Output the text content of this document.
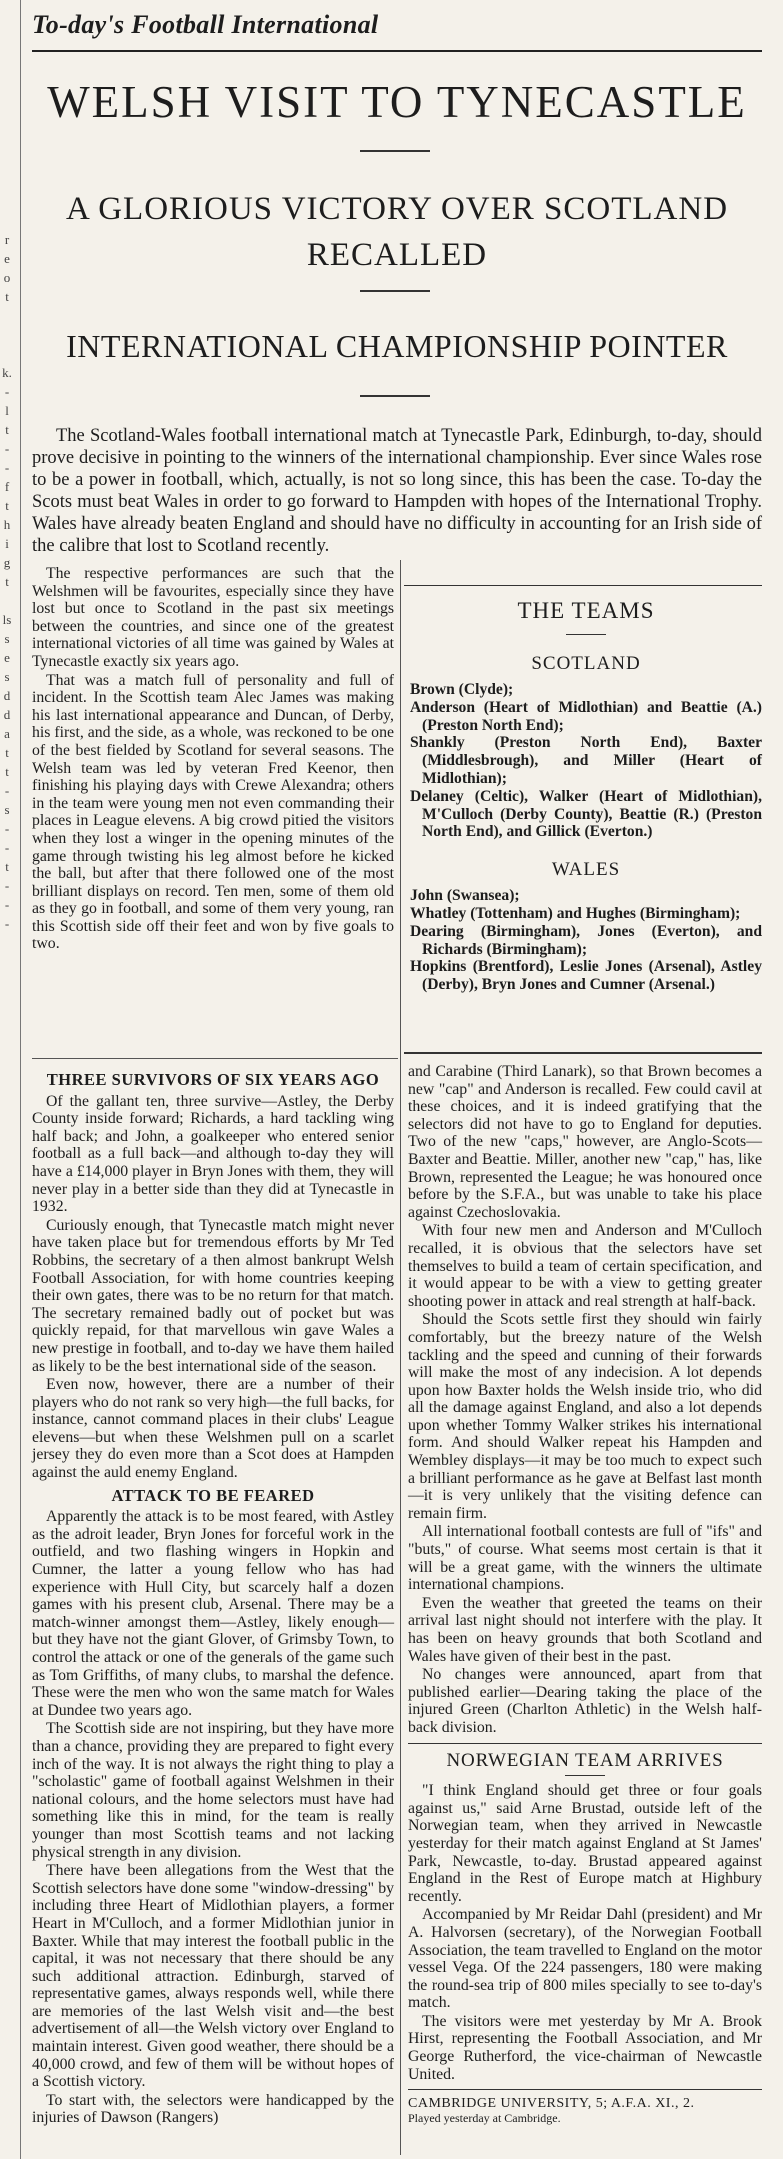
r
e
o
t

k.
-
l
t
-
-
f
t
h
i
g
t

ls
s
e
s
d
d
a
t
t
-
s
-
-
t
-
-
-
To-day's Football International
WELSH VISIT TO TYNECASTLE
A GLORIOUS VICTORY OVER SCOTLAND RECALLED
INTERNATIONAL CHAMPIONSHIP POINTER

The Scotland-Wales football international match at Tynecastle Park, Edinburgh, to-day, should prove decisive in pointing to the winners of the international championship. Ever since Wales rose to be a power in football, which, actually, is not so long since, this has been the case. To-day the Scots must beat Wales in order to go forward to Hampden with hopes of the International Trophy. Wales have already beaten England and should have no difficulty in accounting for an Irish side of the calibre that lost to Scotland recently.

The respective performances are such that the Welshmen will be favourites, especially since they have lost but once to Scotland in the past six meetings between the countries, and since one of the greatest international victories of all time was gained by Wales at Tynecastle exactly six years ago.

That was a match full of personality and full of incident. In the Scottish team Alec James was making his last international appearance and Duncan, of Derby, his first, and the side, as a whole, was reckoned to be one of the best fielded by Scotland for several seasons. The Welsh team was led by veteran Fred Keenor, then finishing his playing days with Crewe Alexandra; others in the team were young men not even commanding their places in League elevens. A big crowd pitied the visitors when they lost a winger in the opening minutes of the game through twisting his leg almost before he kicked the ball, but after that there followed one of the most brilliant displays on record. Ten men, some of them old as they go in football, and some of them very young, ran this Scottish side off their feet and won by five goals to two.

THE TEAMS
SCOTLAND

Brown (Clyde);

Anderson (Heart of Midlothian) and Beattie (A.) (Preston North End);

Shankly (Preston North End), Baxter (Middlesbrough), and Miller (Heart of Midlothian);

Delaney (Celtic), Walker (Heart of Midlothian), M'Culloch (Derby County), Beattie (R.) (Preston North End), and Gillick (Everton.)

WALES

John (Swansea);

Whatley (Tottenham) and Hughes (Birmingham);

Dearing (Birmingham), Jones (Everton), and Richards (Birmingham);

Hopkins (Brentford), Leslie Jones (Arsenal), Astley (Derby), Bryn Jones and Cumner (Arsenal.)

THREE SURVIVORS OF SIX YEARS AGO

Of the gallant ten, three survive—Astley, the Derby County inside forward; Richards, a hard tackling wing half back; and John, a goalkeeper who entered senior football as a full back—and although to-day they will have a £14,000 player in Bryn Jones with them, they will never play in a better side than they did at Tynecastle in 1932.

Curiously enough, that Tynecastle match might never have taken place but for tremendous efforts by Mr Ted Robbins, the secretary of a then almost bankrupt Welsh Football Association, for with home countries keeping their own gates, there was to be no return for that match. The secretary remained badly out of pocket but was quickly repaid, for that marvellous win gave Wales a new prestige in football, and to-day we have them hailed as likely to be the best international side of the season.

Even now, however, there are a number of their players who do not rank so very high—the full backs, for instance, cannot command places in their clubs' League elevens—but when these Welshmen pull on a scarlet jersey they do even more than a Scot does at Hampden against the auld enemy England.

ATTACK TO BE FEARED

Apparently the attack is to be most feared, with Astley as the adroit leader, Bryn Jones for forceful work in the outfield, and two flashing wingers in Hopkin and Cumner, the latter a young fellow who has had experience with Hull City, but scarcely half a dozen games with his present club, Arsenal. There may be a match-winner amongst them—Astley, likely enough—but they have not the giant Glover, of Grimsby Town, to control the attack or one of the generals of the game such as Tom Griffiths, of many clubs, to marshal the defence. These were the men who won the same match for Wales at Dundee two years ago.

The Scottish side are not inspiring, but they have more than a chance, providing they are prepared to fight every inch of the way. It is not always the right thing to play a "scholastic" game of football against Welshmen in their national colours, and the home selectors must have had something like this in mind, for the team is really younger than most Scottish teams and not lacking physical strength in any division.

There have been allegations from the West that the Scottish selectors have done some "window-dressing" by including three Heart of Midlothian players, a former Heart in M'Culloch, and a former Midlothian junior in Baxter. While that may interest the football public in the capital, it was not necessary that there should be any such additional attraction. Edinburgh, starved of representative games, always responds well, while there are memories of the last Welsh visit and—the best advertisement of all—the Welsh victory over England to maintain interest. Given good weather, there should be a 40,000 crowd, and few of them will be without hopes of a Scottish victory.

To start with, the selectors were handicapped by the injuries of Dawson (Rangers)

and Carabine (Third Lanark), so that Brown becomes a new "cap" and Anderson is recalled. Few could cavil at these choices, and it is indeed gratifying that the selectors did not have to go to England for deputies. Two of the new "caps," however, are Anglo-Scots—Baxter and Beattie. Miller, another new "cap," has, like Brown, represented the League; he was honoured once before by the S.F.A., but was unable to take his place against Czechoslovakia.

With four new men and Anderson and M'Culloch recalled, it is obvious that the selectors have set themselves to build a team of certain specification, and it would appear to be with a view to getting greater shooting power in attack and real strength at half-back.

Should the Scots settle first they should win fairly comfortably, but the breezy nature of the Welsh tackling and the speed and cunning of their forwards will make the most of any indecision. A lot depends upon how Baxter holds the Welsh inside trio, who did all the damage against England, and also a lot depends upon whether Tommy Walker strikes his international form. And should Walker repeat his Hampden and Wembley displays—it may be too much to expect such a brilliant performance as he gave at Belfast last month—it is very unlikely that the visiting defence can remain firm.

All international football contests are full of "ifs" and "buts," of course. What seems most certain is that it will be a great game, with the winners the ultimate international champions.

Even the weather that greeted the teams on their arrival last night should not interfere with the play. It has been on heavy grounds that both Scotland and Wales have given of their best in the past.

No changes were announced, apart from that published earlier—Dearing taking the place of the injured Green (Charlton Athletic) in the Welsh half-back division.

NORWEGIAN TEAM ARRIVES

"I think England should get three or four goals against us," said Arne Brustad, outside left of the Norwegian team, when they arrived in Newcastle yesterday for their match against England at St James' Park, Newcastle, to-day. Brustad appeared against England in the Rest of Europe match at Highbury recently.

Accompanied by Mr Reidar Dahl (president) and Mr A. Halvorsen (secretary), of the Norwegian Football Association, the team travelled to England on the motor vessel Vega. Of the 224 passengers, 180 were making the round-sea trip of 800 miles specially to see to-day's match.

The visitors were met yesterday by Mr A. Brook Hirst, representing the Football Association, and Mr George Rutherford, the vice-chairman of Newcastle United.

CAMBRIDGE UNIVERSITY, 5; A.F.A. XI., 2.
Played yesterday at Cambridge.
